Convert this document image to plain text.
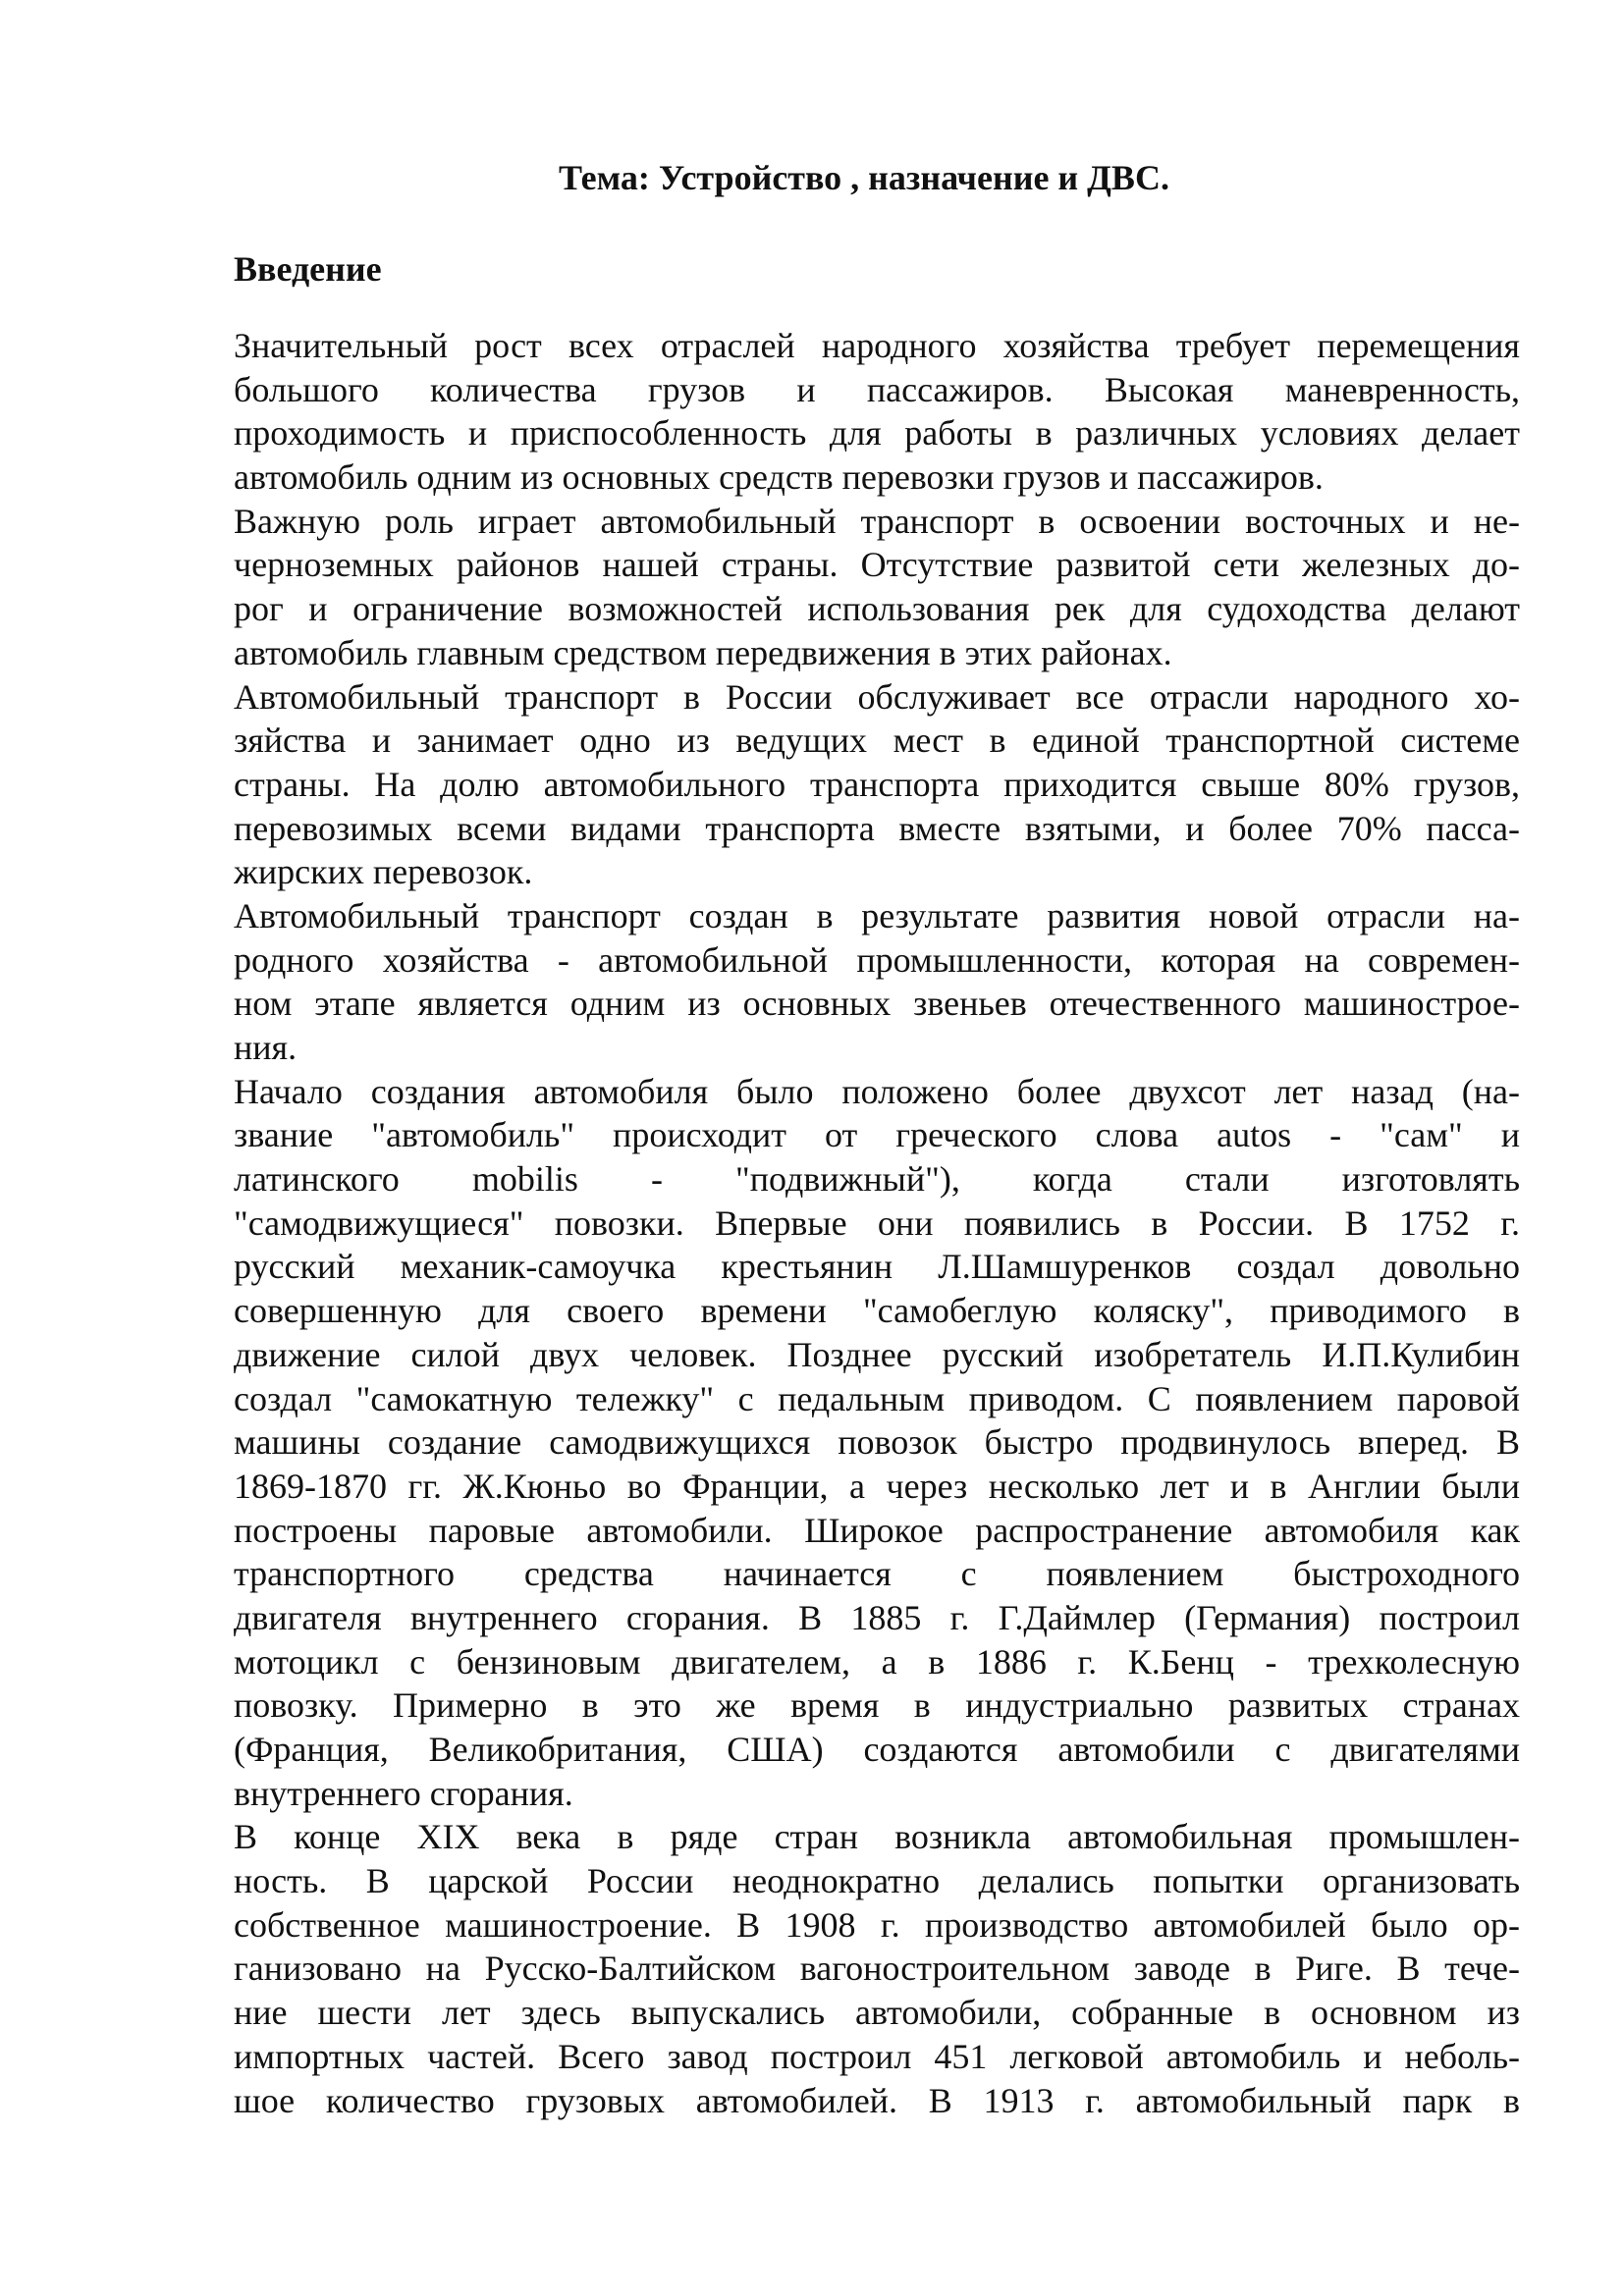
Тема: Устройство , назначение и ДВС.
Введение
Значительный рост всех отраслей народного хозяйства требует перемещения
большого количества грузов и пассажиров. Высокая маневренность,
проходимость и приспособленность для работы в различных условиях делает
автомобиль одним из основных средств перевозки грузов и пассажиров.
Важную роль играет автомобильный транспорт в освоении восточных и не-
черноземных районов нашей страны. Отсутствие развитой сети железных до-
рог и ограничение возможностей использования рек для судоходства делают
автомобиль главным средством передвижения в этих районах.
Автомобильный транспорт в России обслуживает все отрасли народного хо-
зяйства и занимает одно из ведущих мест в единой транспортной системе
страны. На долю автомобильного транспорта приходится свыше 80% грузов,
перевозимых всеми видами транспорта вместе взятыми, и более 70% пасса-
жирских перевозок.
Автомобильный транспорт создан в результате развития новой отрасли на-
родного хозяйства - автомобильной промышленности, которая на современ-
ном этапе является одним из основных звеньев отечественного машинострое-
ния.
Начало создания автомобиля было положено более двухсот лет назад (на-
звание "автомобиль" происходит от греческого слова autos - "сам" и
латинского mobilis - "подвижный"), когда стали изготовлять
"самодвижущиеся" повозки. Впервые они появились в России. В 1752 г.
русский механик-самоучка крестьянин Л.Шамшуренков создал довольно
совершенную для своего времени "самобеглую коляску", приводимого в
движение силой двух человек. Позднее русский изобретатель И.П.Кулибин
создал "самокатную тележку" с педальным приводом. С появлением паровой
машины создание самодвижущихся повозок быстро продвинулось вперед. В
1869-1870 гг. Ж.Кюньо во Франции, а через несколько лет и в Англии были
построены паровые автомобили. Широкое распространение автомобиля как
транспортного средства начинается с появлением быстроходного
двигателя внутреннего сгорания. В 1885 г. Г.Даймлер (Германия) построил
мотоцикл с бензиновым двигателем, а в 1886 г. К.Бенц - трехколесную
повозку. Примерно в это же время в индустриально развитых странах
(Франция, Великобритания, США) создаются автомобили с двигателями
внутреннего сгорания.
В конце XIX века в ряде стран возникла автомобильная промышлен-
ность. В царской России неоднократно делались попытки организовать
собственное машиностроение. В 1908 г. производство автомобилей было ор-
ганизовано на Русско-Балтийском вагоностроительном заводе в Риге. В тече-
ние шести лет здесь выпускались автомобили, собранные в основном из
импортных частей. Всего завод построил 451 легковой автомобиль и неболь-
шое количество грузовых автомобилей. В 1913 г. автомобильный парк в
